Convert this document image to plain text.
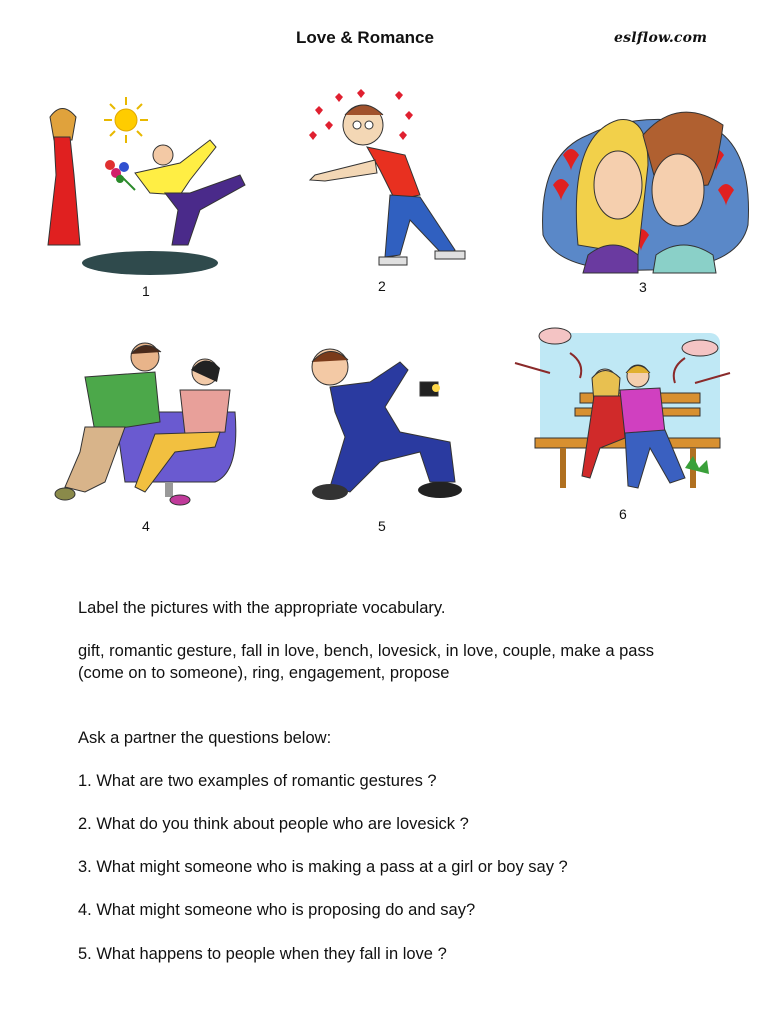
Love & Romance	eslflow.com
1	2	3
4	5
6
Label the pictures with the appropriate vocabulary.
gift, romantic gesture, fall in love, bench, lovesick, in love, couple, make a pass (come on to someone), ring, engagement, propose
Ask a partner the questions below:
1. What are two examples of romantic gestures ?
2. What do you think about people who are lovesick ?
3. What might someone who is making a pass at a girl or boy say ?
4. What might someone who is proposing do and say?
5. What happens to people when they fall in love ?
